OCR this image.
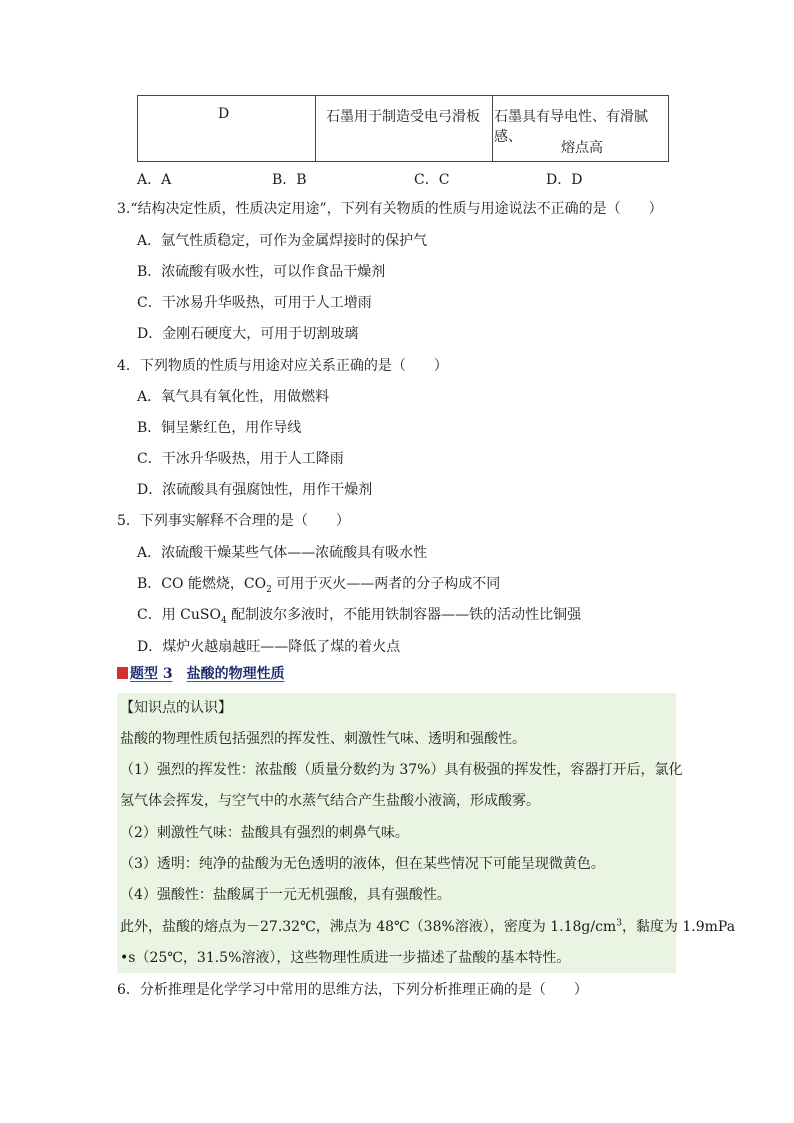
D	石墨用于制造受电弓滑板 石墨具有导电性、有滑腻感、
熔点高
A．A	B．B	C．C	D．D
3.“结构决定性质，性质决定用途”，下列有关物质的性质与用途说法不正确的是（　　）
A．氩气性质稳定，可作为金属焊接时的保护气
B．浓硫酸有吸水性，可以作食品干燥剂
C．干冰易升华吸热，可用于人工增雨
D．金刚石硬度大，可用于切割玻璃
4．下列物质的性质与用途对应关系正确的是（　　）
A．氧气具有氧化性，用做燃料
B．铜呈紫红色，用作导线
C．干冰升华吸热，用于人工降雨
D．浓硫酸具有强腐蚀性，用作干燥剂
5．下列事实解释不合理的是（　　）
A．浓硫酸干燥某些气体——浓硫酸具有吸水性
B．CO 能燃烧，$CO_2$ 可用于灭火——两者的分子构成不同
C．用 CuSO$_4$ 配制波尔多液时，不能用铁制容器——铁的活动性比铜强
D．煤炉火越扇越旺——降低了煤的着火点
题型 3 盐酸的物理性质
【知识点的认识】
盐酸的物理性质包括强烈的挥发性、刺激性气味、透明和强酸性。
（1）强烈的挥发性：浓盐酸（质量分数约为 37%）具有极强的挥发性，容器打开后，氯化
氢气体会挥发，与空气中的水蒸气结合产生盐酸小液滴，形成酸雾。
（2）刺激性气味：盐酸具有强烈的刺鼻气味。
（3）透明：纯净的盐酸为无色透明的液体，但在某些情况下可能呈现微黄色。
（4）强酸性：盐酸属于一元无机强酸，具有强酸性。
此外，盐酸的熔点为－27.32℃，沸点为 48℃（38%溶液），密度为 $1.18g/cm^3$，黏度为 1.9mPa
•s（25℃，31.5%溶液），这些物理性质进一步描述了盐酸的基本特性。
6．分析推理是化学学习中常用的思维方法，下列分析推理正确的是（　　）
